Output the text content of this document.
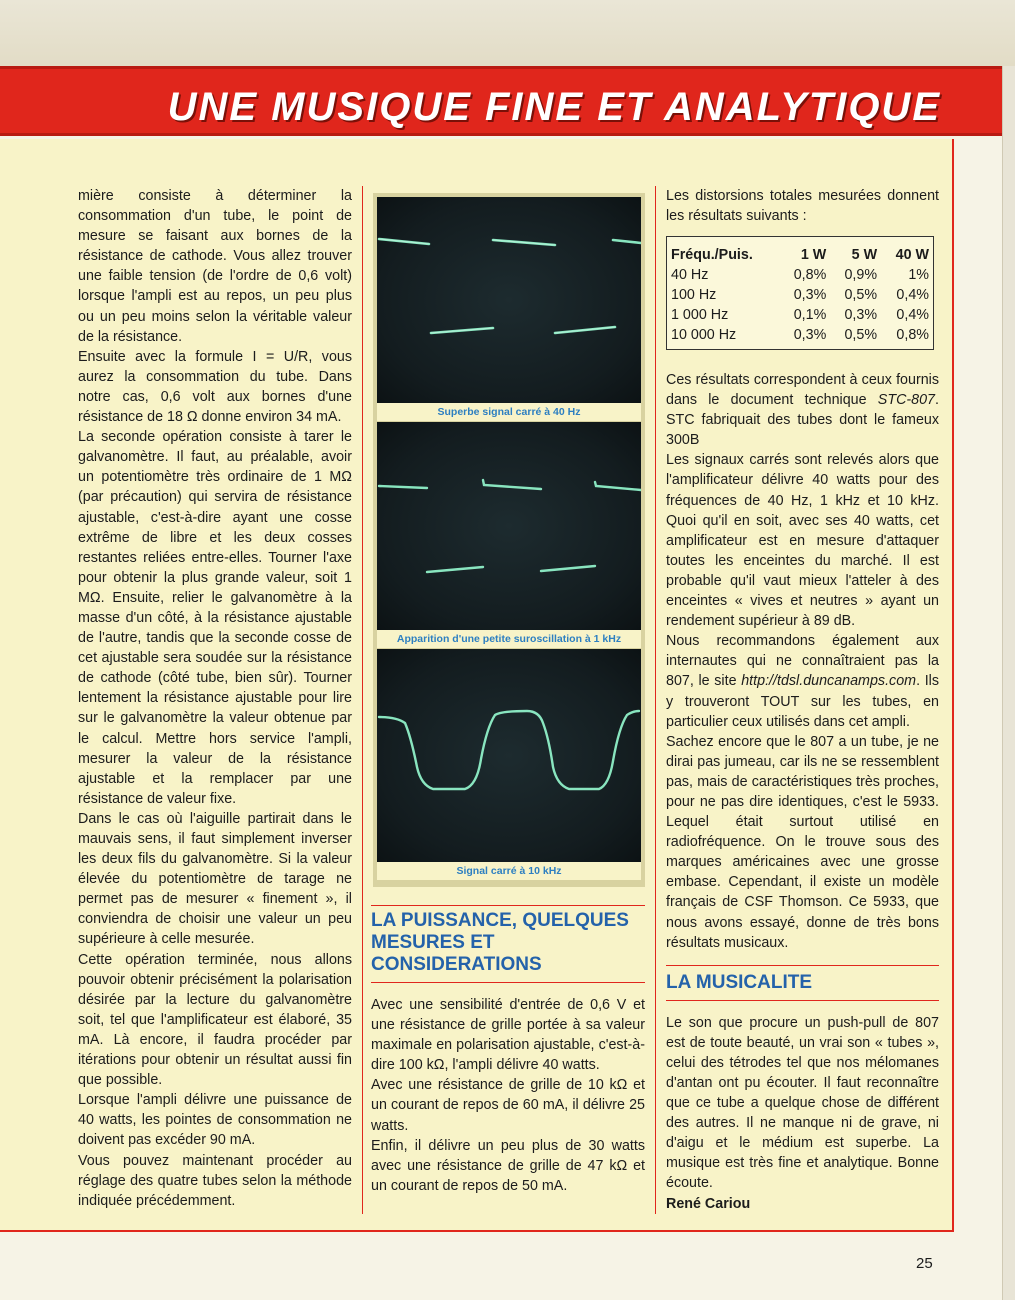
UNE MUSIQUE FINE ET ANALYTIQUE

mière consiste à déterminer la consommation d'un tube, le point de mesure se faisant aux bornes de la résistance de cathode. Vous allez trouver une faible tension (de l'ordre de 0,6 volt) lorsque l'ampli est au repos, un peu plus ou un peu moins selon la véritable valeur de la résistance.

Ensuite avec la formule I = U/R, vous aurez la consommation du tube. Dans notre cas, 0,6 volt aux bornes d'une résistance de 18 Ω donne environ 34 mA.

La seconde opération consiste à tarer le galvanomètre. Il faut, au préalable, avoir un potentiomètre très ordinaire de 1 MΩ (par précaution) qui servira de résistance ajustable, c'est-à-dire ayant une cosse extrême de libre et les deux cosses restantes reliées entre-elles. Tourner l'axe pour obtenir la plus grande valeur, soit 1 MΩ. Ensuite, relier le galvanomètre à la masse d'un côté, à la résistance ajustable de l'autre, tandis que la seconde cosse de cet ajustable sera soudée sur la résistance de cathode (côté tube, bien sûr). Tourner lentement la résistance ajustable pour lire sur le galvanomètre la valeur obtenue par le calcul. Mettre hors service l'ampli, mesurer la valeur de la résistance ajustable et la remplacer par une résistance de valeur fixe.

Dans le cas où l'aiguille partirait dans le mauvais sens, il faut simplement inverser les deux fils du galvanomètre. Si la valeur élevée du potentiomètre de tarage ne permet pas de mesurer « finement », il conviendra de choisir une valeur un peu supérieure à celle mesurée.

Cette opération terminée, nous allons pouvoir obtenir précisément la polarisation désirée par la lecture du galvanomètre soit, tel que l'amplificateur est élaboré, 35 mA. Là encore, il faudra procéder par itérations pour obtenir un résultat aussi fin que possible.

Lorsque l'ampli délivre une puissance de 40 watts, les pointes de consommation ne doivent pas excéder 90 mA.

Vous pouvez maintenant procéder au réglage des quatre tubes selon la méthode indiquée précédemment.

Superbe signal carré à 40 Hz
Apparition d'une petite suroscillation à 1 kHz
Signal carré à 10 kHz
LA PUISSANCE, QUELQUES MESURES ET CONSIDERATIONS

Avec une sensibilité d'entrée de 0,6 V et une résistance de grille portée à sa valeur maximale en polarisation ajustable, c'est-à-dire 100 kΩ, l'ampli délivre 40 watts.

Avec une résistance de grille de 10 kΩ et un courant de repos de 60 mA, il délivre 25 watts.

Enfin, il délivre un peu plus de 30 watts avec une résistance de grille de 47 kΩ et un courant de repos de 50 mA.

Les distorsions totales mesurées donnent les résultats suivants :

Fréqu./Puis.	1 W	5 W	40 W
40 Hz	0,8%	0,9%	1%
100 Hz	0,3%	0,5%	0,4%
1 000 Hz	0,1%	0,3%	0,4%
10 000 Hz	0,3%	0,5%	0,8%

Ces résultats correspondent à ceux fournis dans le document technique STC-807. STC fabriquait des tubes dont le fameux 300B

Les signaux carrés sont relevés alors que l'amplificateur délivre 40 watts pour des fréquences de 40 Hz, 1 kHz et 10 kHz. Quoi qu'il en soit, avec ses 40 watts, cet amplificateur est en mesure d'attaquer toutes les enceintes du marché. Il est probable qu'il vaut mieux l'atteler à des enceintes « vives et neutres » ayant un rendement supérieur à 89 dB.

Nous recommandons également aux internautes qui ne connaîtraient pas la 807, le site http://tdsl.duncanamps.com. Ils y trouveront TOUT sur les tubes, en particulier ceux utilisés dans cet ampli.

Sachez encore que le 807 a un tube, je ne dirai pas jumeau, car ils ne se ressemblent pas, mais de caractéristiques très proches, pour ne pas dire identiques, c'est le 5933. Lequel était surtout utilisé en radiofréquence. On le trouve sous des marques américaines avec une grosse embase. Cependant, il existe un modèle français de CSF Thomson. Ce 5933, que nous avons essayé, donne de très bons résultats musicaux.

LA MUSICALITE

Le son que procure un push-pull de 807 est de toute beauté, un vrai son « tubes », celui des tétrodes tel que nos mélomanes d'antan ont pu écouter. Il faut reconnaître que ce tube a quelque chose de différent des autres. Il ne manque ni de grave, ni d'aigu et le médium est superbe. La musique est très fine et analytique. Bonne écoute.

René Cariou

25
